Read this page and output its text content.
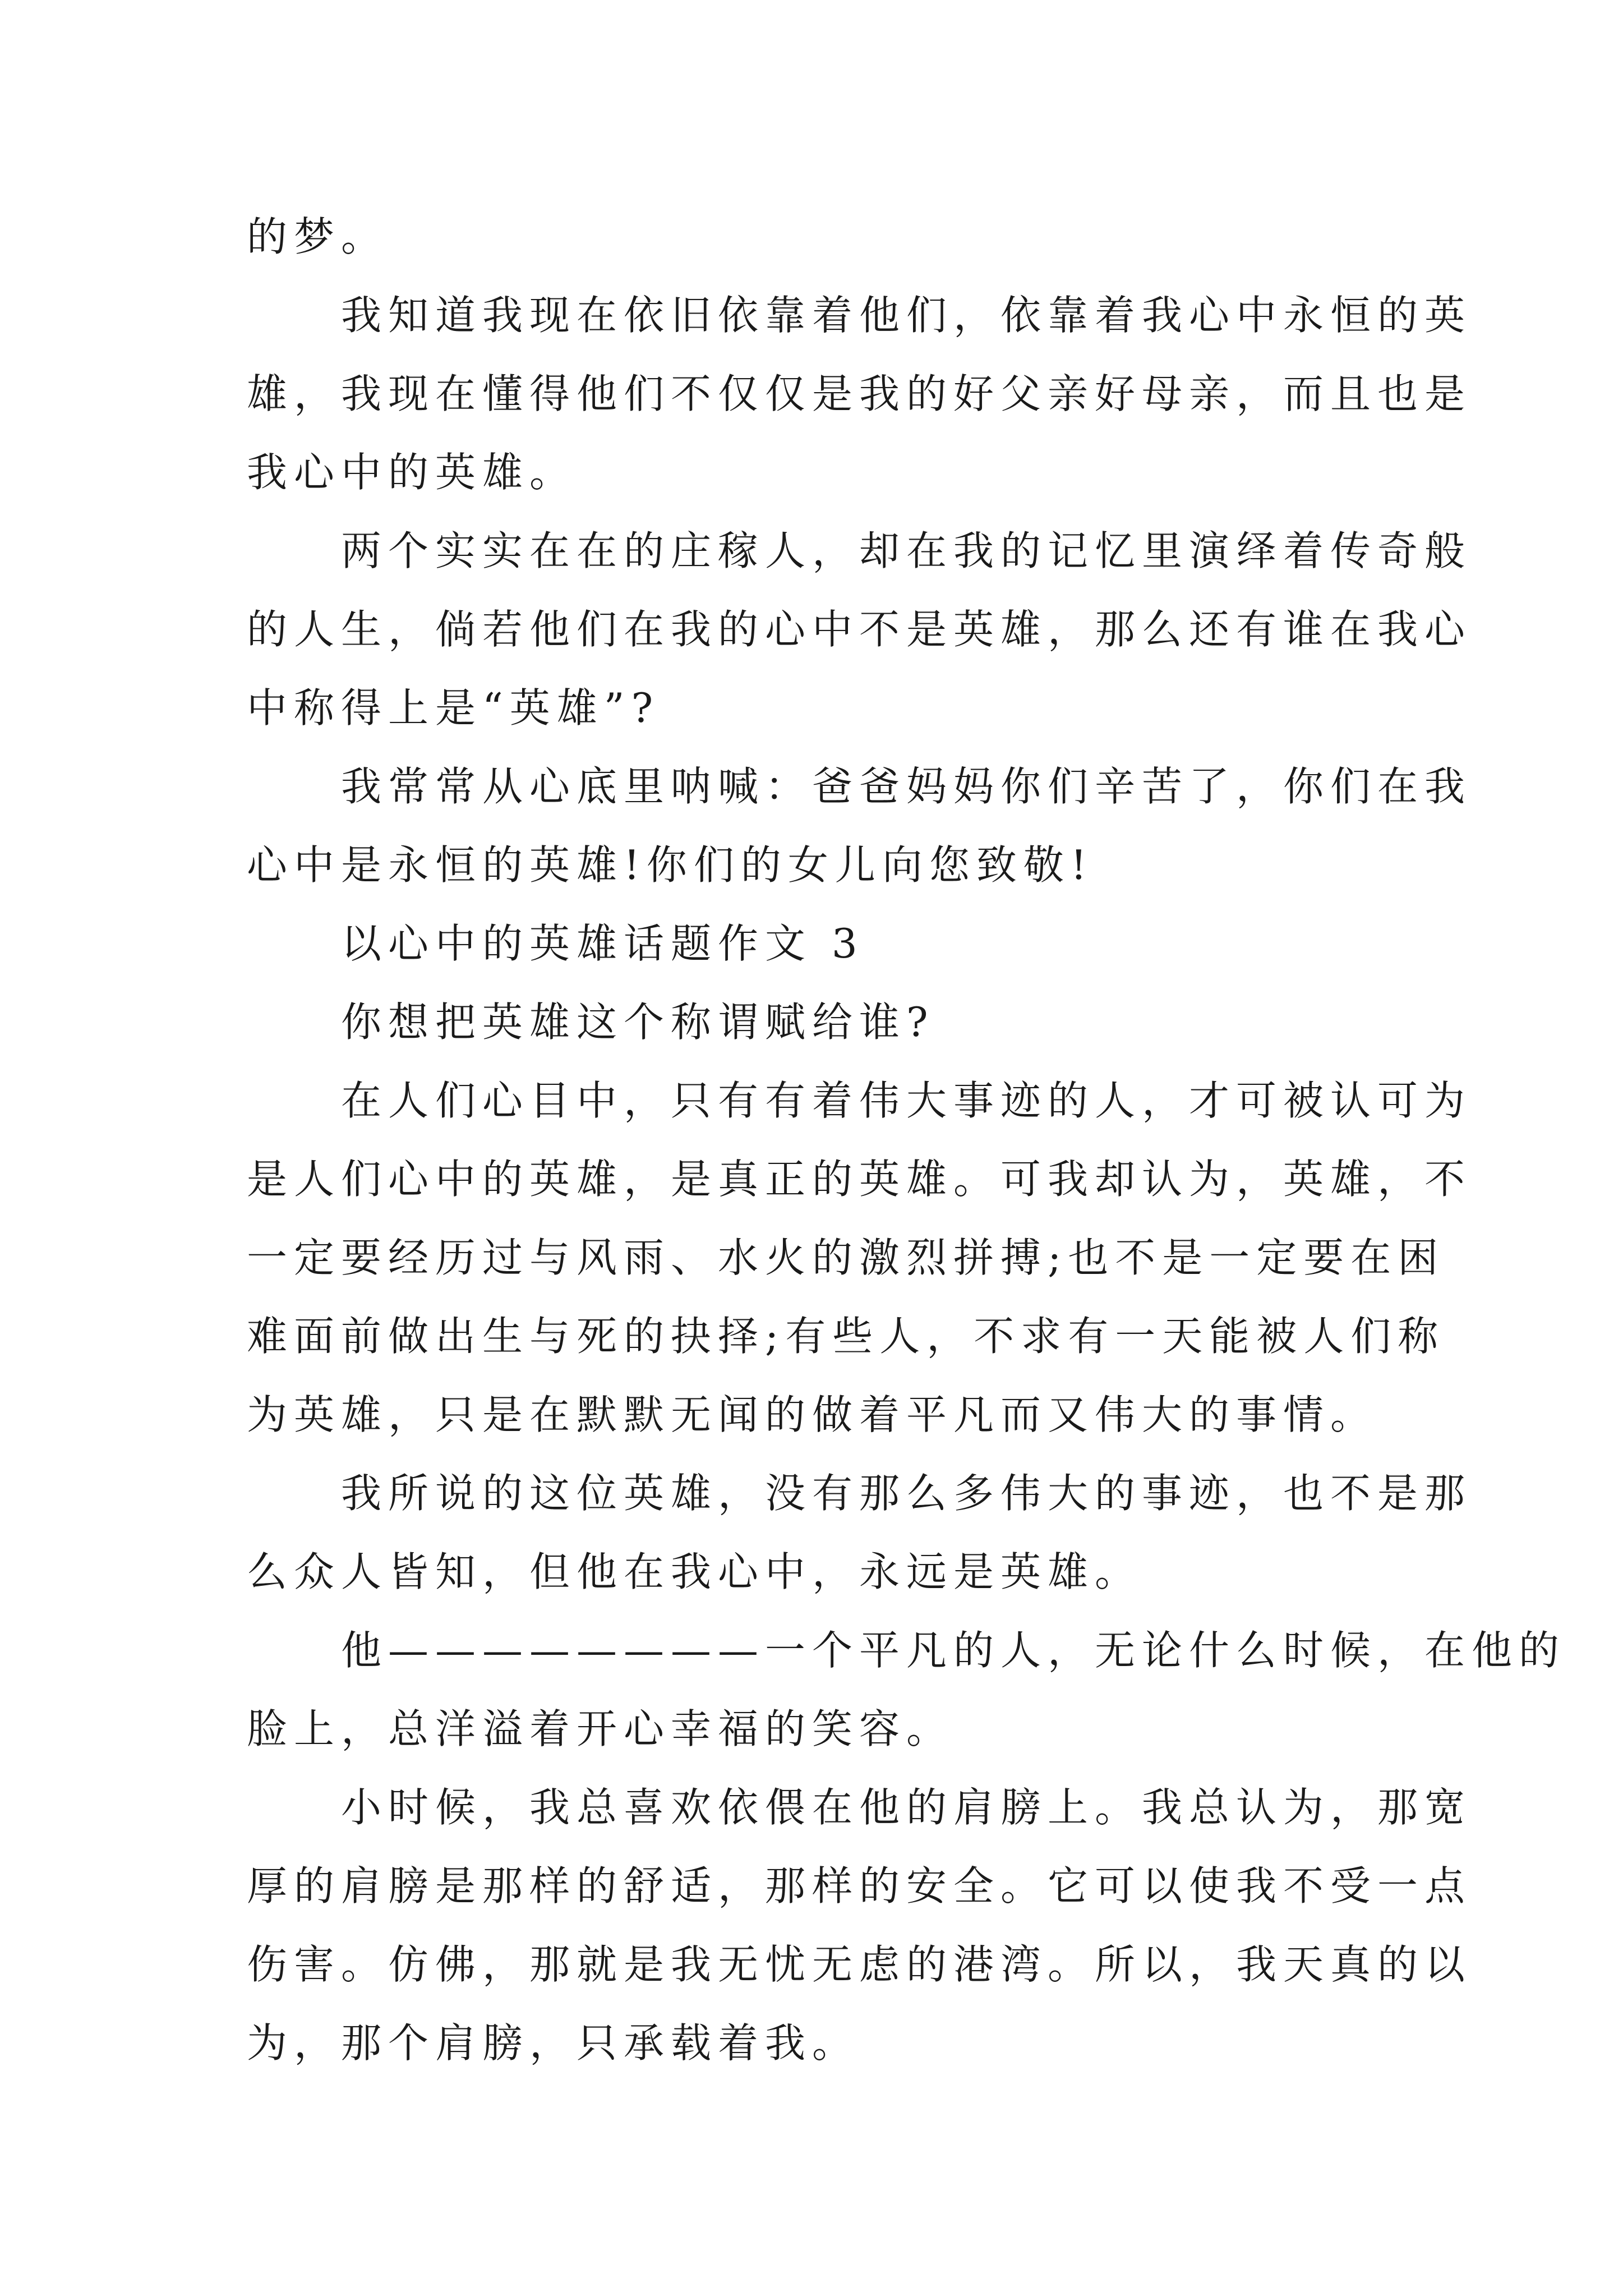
的梦。

我知道我现在依旧依靠着他们，依靠着我心中永恒的英

雄，我现在懂得他们不仅仅是我的好父亲好母亲，而且也是

我心中的英雄。

两个实实在在的庄稼人，却在我的记忆里演绎着传奇般

的人生，倘若他们在我的心中不是英雄，那么还有谁在我心

中称得上是“英雄”?

我常常从心底里呐喊：爸爸妈妈你们辛苦了，你们在我

心中是永恒的英雄!你们的女儿向您致敬!

以心中的英雄话题作文 3

你想把英雄这个称谓赋给谁?

在人们心目中，只有有着伟大事迹的人，才可被认可为

是人们心中的英雄，是真正的英雄。可我却认为，英雄，不

一定要经历过与风雨、水火的激烈拼搏;也不是一定要在困

难面前做出生与死的抉择;有些人，不求有一天能被人们称

为英雄，只是在默默无闻的做着平凡而又伟大的事情。

我所说的这位英雄，没有那么多伟大的事迹，也不是那

么众人皆知，但他在我心中，永远是英雄。

他————————一个平凡的人，无论什么时候，在他的

脸上，总洋溢着开心幸福的笑容。

小时候，我总喜欢依偎在他的肩膀上。我总认为，那宽

厚的肩膀是那样的舒适，那样的安全。它可以使我不受一点

伤害。仿佛，那就是我无忧无虑的港湾。所以，我天真的以

为，那个肩膀，只承载着我。
